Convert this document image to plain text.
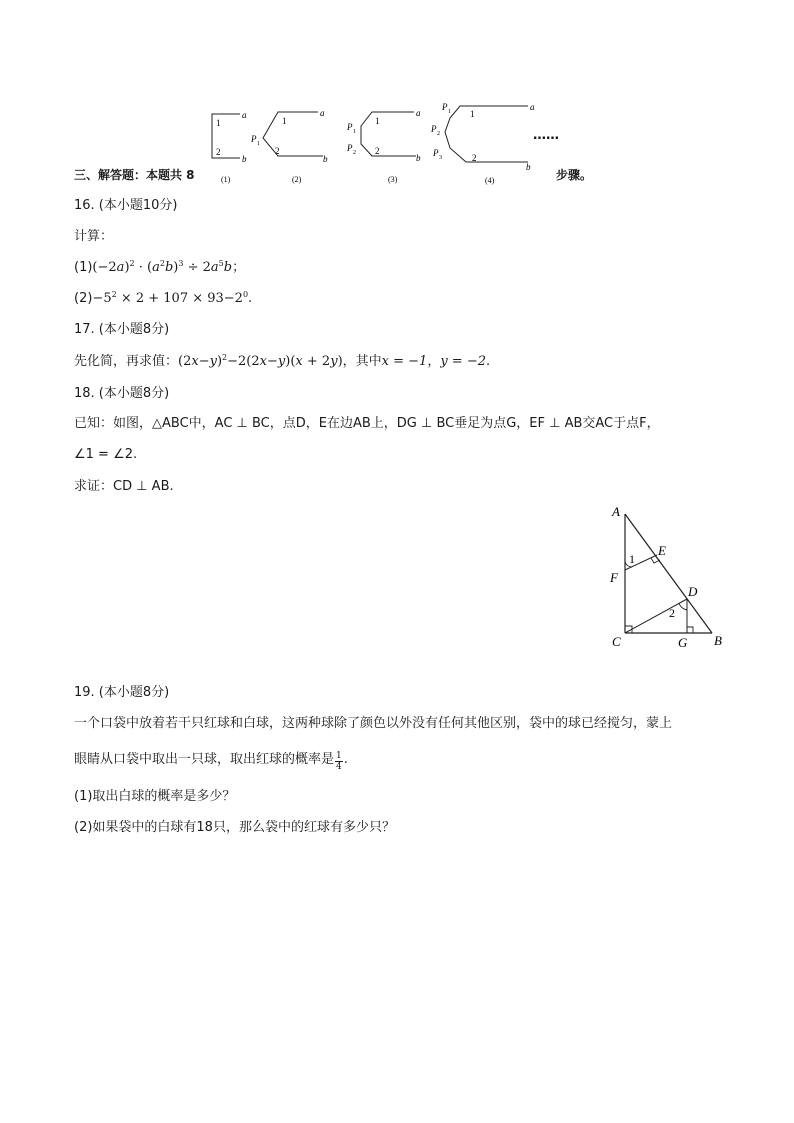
a
b
1
2
(1)
a
b
P 1
1
2
(2)
a
b
P 1
P 2
1
2
(3)
a
b
P 1
P 2
P 3
1
2
(4)
……
三、解答题：本题共 8	步骤。
16. (本小题10分)
计算：
$(1)(-2a)^2 \cdot (a^2b)^3 \div 2a^5b$；
$(2)-5^2 \times 2 + 107 \times 93-2^0$.
17. (本小题8分)
先化简，再求值：$(2x-y)^2-2(2x-y)(x + 2y)$，其中x = −1，y = −2.
18. (本小题8分)
已知：如图，△ABC中，AC ⊥ BC，点D，E在边AB上，DG ⊥ BC垂足为点G，EF ⊥ AB交AC于点F，
∠1 = ∠2.
求证：CD ⊥ AB.
A
B
C
D
E
F
G
1
2
19. (本小题8分)
一个口袋中放着若干只红球和白球，这两种球除了颜色以外没有任何其他区别，袋中的球已经搅匀，蒙上
眼睛从口袋中取出一只球，取出红球的概率是 $\frac{1}{4}$ .
(1)取出白球的概率是多少？
(2)如果袋中的白球有18只，那么袋中的红球有多少只？
